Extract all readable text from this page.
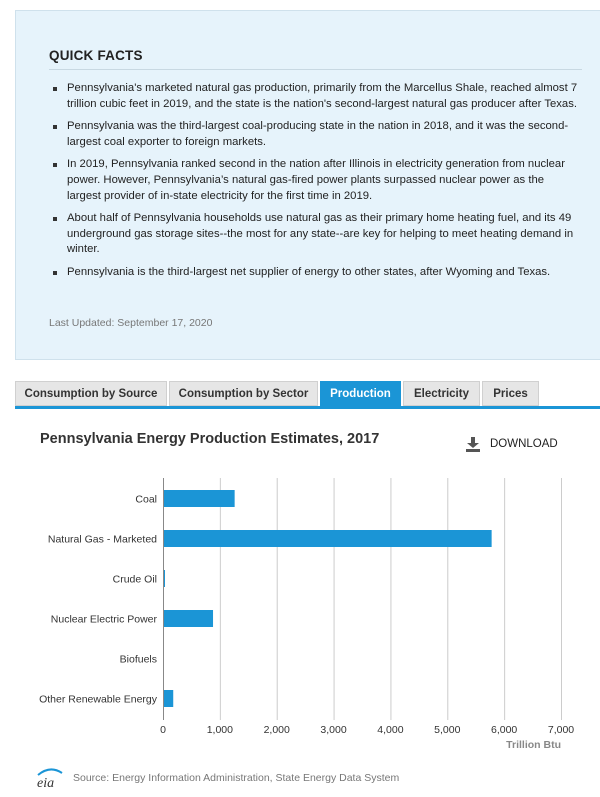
QUICK FACTS
Pennsylvania's marketed natural gas production, primarily from the Marcellus Shale, reached almost 7 trillion cubic feet in 2019, and the state is the nation's second-largest natural gas producer after Texas.
Pennsylvania was the third-largest coal-producing state in the nation in 2018, and it was the second-largest coal exporter to foreign markets.
In 2019, Pennsylvania ranked second in the nation after Illinois in electricity generation from nuclear power. However, Pennsylvania’s natural gas-fired power plants surpassed nuclear power as the largest provider of in-state electricity for the first time in 2019.
About half of Pennsylvania households use natural gas as their primary home heating fuel, and its 49 underground gas storage sites--the most for any state--are key for helping to meet heating demand in winter.
Pennsylvania is the third-largest net supplier of energy to other states, after Wyoming and Texas.
Last Updated: September 17, 2020
Consumption by Source	Consumption by Sector	Production	Electricity	Prices
Pennsylvania Energy Production Estimates, 2017	DOWNLOAD
Coal
Natural Gas - Marketed
Crude Oil
Nuclear Electric Power
Biofuels
Other Renewable Energy
0	1,000	2,000	3,000	4,000	5,000	6,000	7,000
Trillion Btu
eia Source: Energy Information Administration, State Energy Data System
